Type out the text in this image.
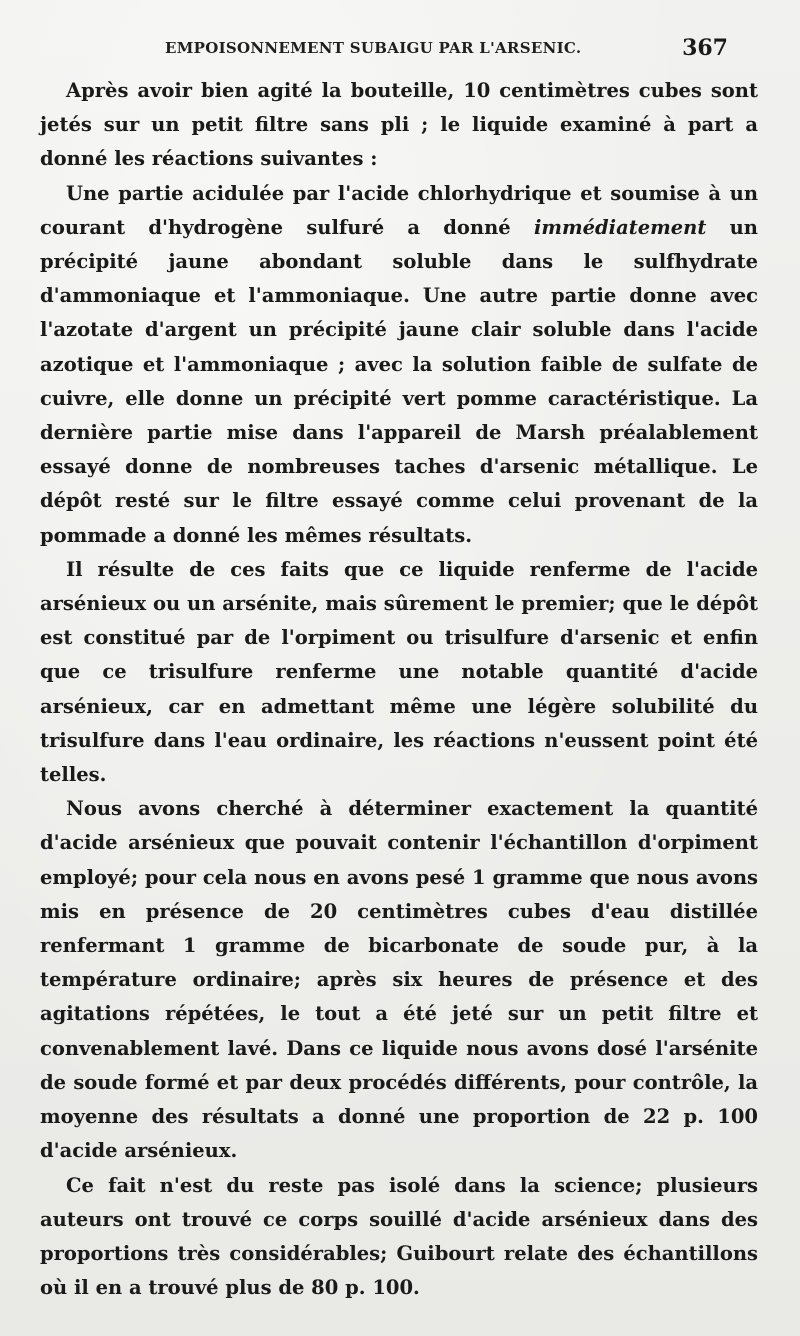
EMPOISONNEMENT SUBAIGU PAR L'ARSENIC.	367

Après avoir bien agité la bouteille, 10 centimètres cubes sont jetés sur un petit filtre sans pli ; le liquide examiné à part a donné les réactions suivantes :

Une partie acidulée par l'acide chlorhydrique et soumise à un courant d'hydrogène sulfuré a donné immédiatement un précipité jaune abondant soluble dans le sulfhydrate d'ammoniaque et l'ammoniaque. Une autre partie donne avec l'azotate d'argent un précipité jaune clair soluble dans l'acide azotique et l'ammoniaque ; avec la solution faible de sulfate de cuivre, elle donne un précipité vert pomme caractéristique. La dernière partie mise dans l'appareil de Marsh préalablement essayé donne de nombreuses taches d'arsenic métallique. Le dépôt resté sur le filtre essayé comme celui provenant de la pommade a donné les mêmes résultats.

Il résulte de ces faits que ce liquide renferme de l'acide arsénieux ou un arsénite, mais sûrement le premier; que le dépôt est constitué par de l'orpiment ou trisulfure d'arsenic et enfin que ce trisulfure renferme une notable quantité d'acide arsénieux, car en admettant même une légère solubilité du trisulfure dans l'eau ordinaire, les réactions n'eussent point été telles.

Nous avons cherché à déterminer exactement la quantité d'acide arsénieux que pouvait contenir l'échantillon d'orpiment employé; pour cela nous en avons pesé 1 gramme que nous avons mis en présence de 20 centimètres cubes d'eau distillée renfermant 1 gramme de bicarbonate de soude pur, à la température ordinaire; après six heures de présence et des agitations répétées, le tout a été jeté sur un petit filtre et convenablement lavé. Dans ce liquide nous avons dosé l'arsénite de soude formé et par deux procédés différents, pour contrôle, la moyenne des résultats a donné une proportion de 22 p. 100 d'acide arsénieux.

Ce fait n'est du reste pas isolé dans la science; plusieurs auteurs ont trouvé ce corps souillé d'acide arsénieux dans des proportions très considérables; Guibourt relate des échantillons où il en a trouvé plus de 80 p. 100.
